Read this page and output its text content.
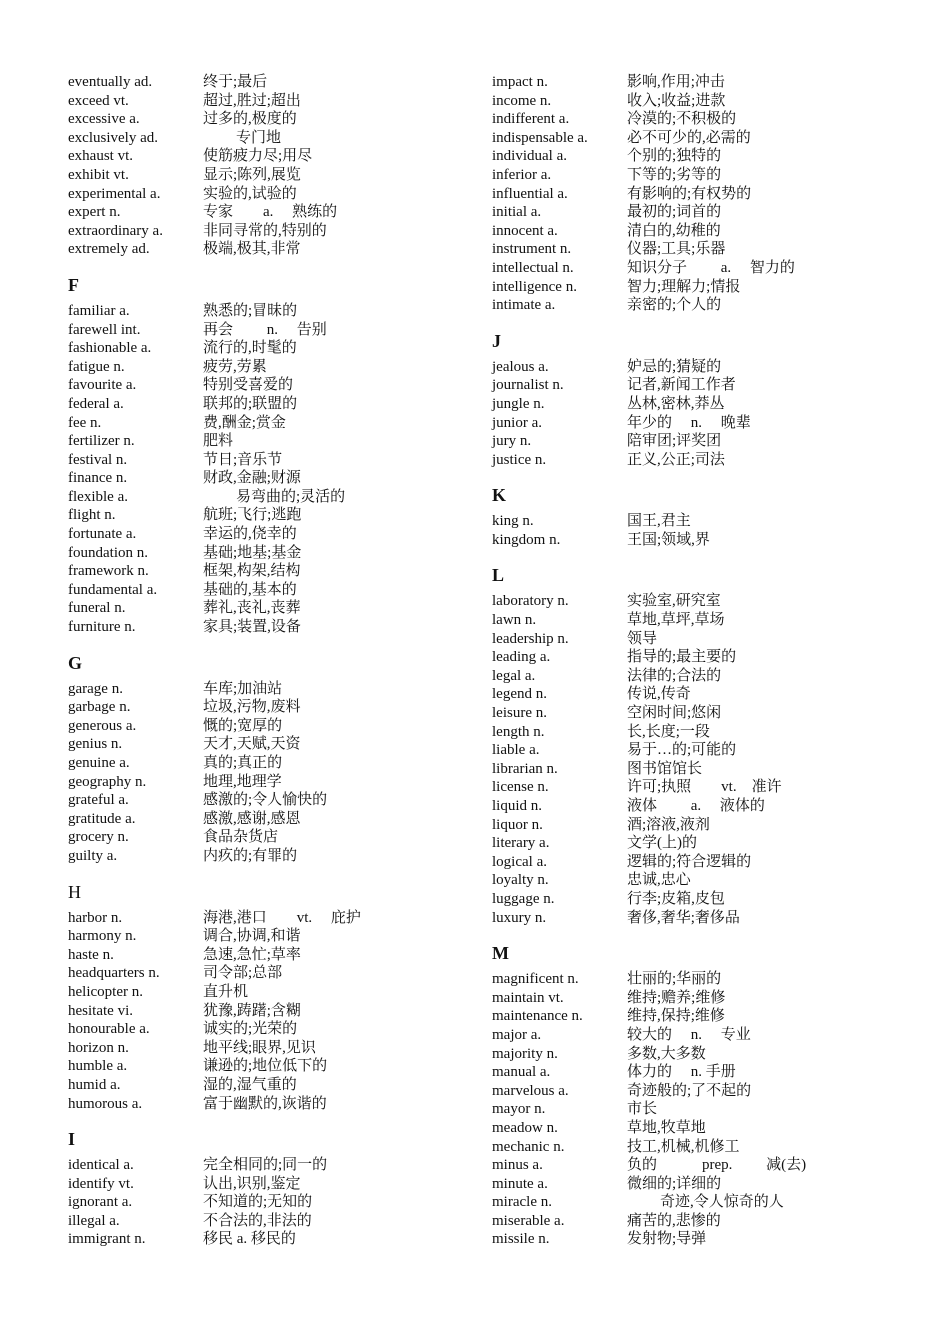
eventually ad.	终于;最后
exceed vt.	超过,胜过;超出
excessive a.	过多的,极度的
exclusively ad.	专门地
exhaust vt.	使筋疲力尽;用尽
exhibit vt.	显示;陈列,展览
experimental a.	实验的,试验的
expert n.	专家　　a.　 熟练的
extraordinary a.	非同寻常的,特别的
extremely ad.	极端,极其,非常
F
familiar a.	熟悉的;冒昧的
farewell int.	再会　　 n.　 告别
fashionable a.	流行的,时髦的
fatigue n.	疲劳,劳累
favourite a.	特别受喜爱的
federal a.	联邦的;联盟的
fee n.	费,酬金;赏金
fertilizer n.	肥料
festival n.	节日;音乐节
finance n.	财政,金融;财源
flexible a.	易弯曲的;灵活的
flight n.	航班;飞行;逃跑
fortunate a.	幸运的,侥幸的
foundation n.	基础;地基;基金
framework n.	框架,构架,结构
fundamental a.	基础的,基本的
funeral n.	葬礼,丧礼,丧葬
furniture n.	家具;装置,设备
G
garage n.	车库;加油站
garbage n.	垃圾,污物,废料
generous a.	慨的;宽厚的
genius n.	天才,天赋,天资
genuine a.	真的;真正的
geography n.	地理,地理学
grateful a.	感激的;令人愉快的
gratitude a.	感激,感谢,感恩
grocery n.	食品杂货店
guilty a.	内疚的;有罪的
H
harbor n.	海港,港口　　vt.　 庇护
harmony n.	调合,协调,和谐
haste n.	急速,急忙;草率
headquarters n.	司令部;总部
helicopter n.	直升机
hesitate vi.	犹豫,踌躇;含糊
honourable a.	诚实的;光荣的
horizon n.	地平线;眼界,见识
humble a.	谦逊的;地位低下的
humid a.	湿的,湿气重的
humorous a.	富于幽默的,诙谐的
I
identical a.	完全相同的;同一的
identify vt.	认出,识别,鉴定
ignorant a.	不知道的;无知的
illegal a.	不合法的,非法的
immigrant n.	移民 a. 移民的
impact n.	影响,作用;冲击
income n.	收入;收益;进款
indifferent a.	冷漠的;不积极的
indispensable a.	必不可少的,必需的
individual a.	个别的;独特的
inferior a.	下等的;劣等的
influential a.	有影响的;有权势的
initial a.	最初的;词首的
innocent a.	清白的,幼稚的
instrument n.	仪器;工具;乐器
intellectual n.	知识分子　　 a.　 智力的
intelligence n.	智力;理解力;情报
intimate a.	亲密的;个人的
J
jealous a.	妒忌的;猜疑的
journalist n.	记者,新闻工作者
jungle n.	丛林,密林,莽丛
junior a.	年少的　 n.　 晚辈
jury n.	陪审团;评奖团
justice n.	正义,公正;司法
K
king n.	国王,君主
kingdom n.	王国;领域,界
L
laboratory n.	实验室,研究室
lawn n.	草地,草坪,草场
leadership n.	领导
leading a.	指导的;最主要的
legal a.	法律的;合法的
legend n.	传说,传奇
leisure n.	空闲时间;悠闲
length n.	长,长度;一段
liable a.	易于…的;可能的
librarian n.	图书馆馆长
license n.	许可;执照　　vt.　准许
liquid n.	液体　　 a.　 液体的
liquor n.	酒;溶液,液剂
literary a.	文学(上)的
logical a.	逻辑的;符合逻辑的
loyalty n.	忠诚,忠心
luggage n.	行李;皮箱,皮包
luxury n.	奢侈,奢华;奢侈品
M
magnificent n.	壮丽的;华丽的
maintain vt.	维持;赡养;维修
maintenance n.	维持,保持;维修
major a.	较大的　 n.　 专业
majority n.	多数,大多数
manual a.	体力的　 n. 手册
marvelous a.	奇迹般的;了不起的
mayor n.	市长
meadow n.	草地,牧草地
mechanic n.	技工,机械,机修工
minus a.	负的　　　prep.　　 减(去)
minute a.	微细的;详细的
miracle n.	奇迹,令人惊奇的人
miserable a.	痛苦的,悲惨的
missile n.	发射物;导弹
